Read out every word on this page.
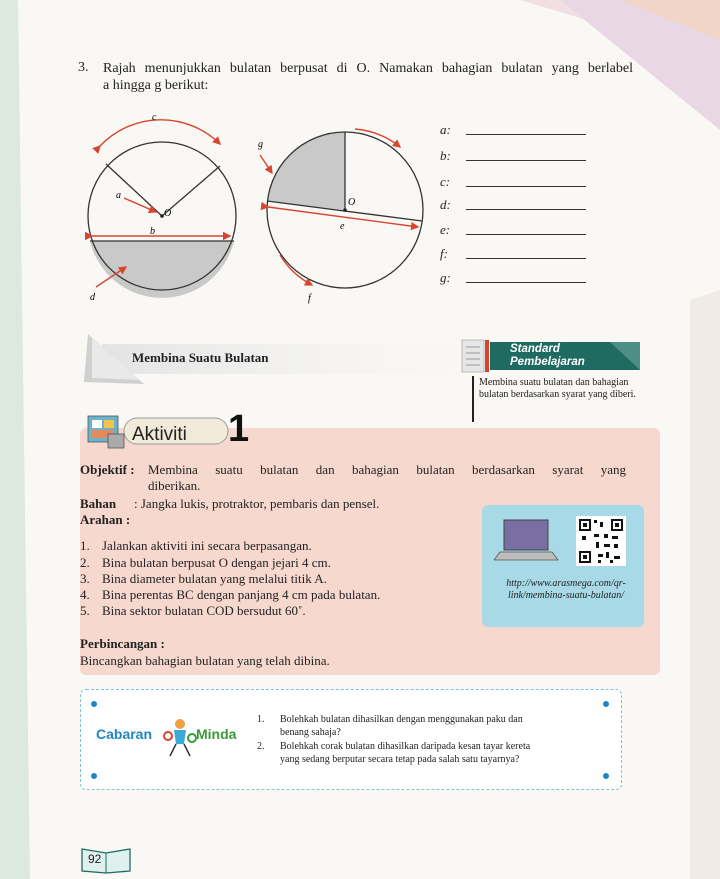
3. Rajah menunjukkan bulatan berpusat di O. Namakan bahagian bulatan yang berlabel
a hingga g berikut:
c
a
O
b
d
g
O
e
f
a:
b:
c:
d:
e:
f:
g:
Membina Suatu Bulatan
Standard
Pembelajaran
Membina suatu bulatan dan bahagian bulatan berdasarkan syarat yang diberi.
Aktiviti 1
Objektif : Membina suatu bulatan dan bahagian bulatan berdasarkan syarat yang
diberikan.
Bahan : Jangka lukis, protraktor, pembaris dan pensel.
Arahan :
1. Jalankan aktiviti ini secara berpasangan.
2. Bina bulatan berpusat O dengan jejari 4 cm.
3. Bina diameter bulatan yang melalui titik A.
4. Bina perentas BC dengan panjang 4 cm pada bulatan.
5. Bina sektor bulatan COD bersudut 60˚.
Perbincangan :
Bincangkan bahagian bulatan yang telah dibina.
http://www.arasmega.com/qr-link/membina-suatu-bulatan/
Cabaran	Minda
1. Bolehkah bulatan dihasilkan dengan menggunakan paku dan
benang sahaja?
2. Bolehkah corak bulatan dihasilkan daripada kesan tayar kereta
yang sedang berputar secara tetap pada salah satu tayarnya?
92
